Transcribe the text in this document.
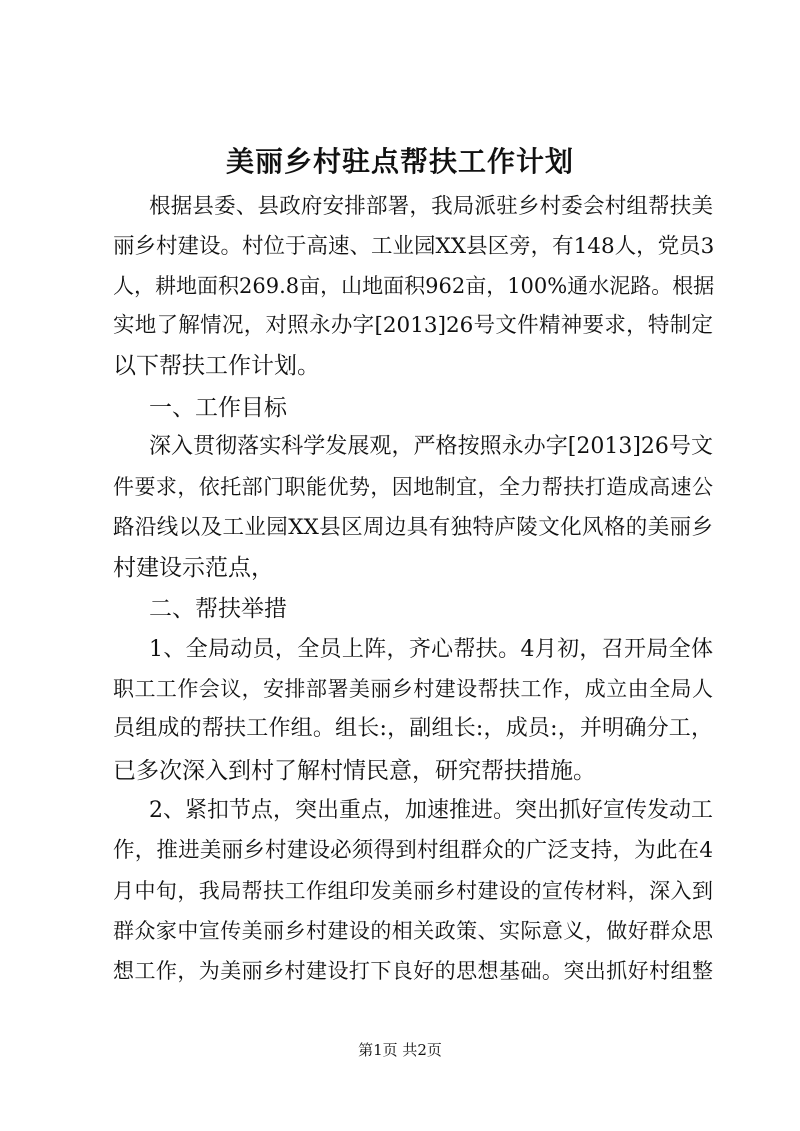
美丽乡村驻点帮扶工作计划

根据县委、县政府安排部署，我局派驻乡村委会村组帮扶美

丽乡村建设。村位于高速、工业园XX县区旁，有148人，党员3

人，耕地面积269.8亩，山地面积962亩，100%通水泥路。根据

实地了解情况，对照永办字[2013]26号文件精神要求，特制定

以下帮扶工作计划。

一、工作目标

深入贯彻落实科学发展观，严格按照永办字[2013]26号文

件要求，依托部门职能优势，因地制宜，全力帮扶打造成高速公

路沿线以及工业园XX县区周边具有独特庐陵文化风格的美丽乡

村建设示范点，

二、帮扶举措

1、全局动员，全员上阵，齐心帮扶。4月初，召开局全体

职工工作会议，安排部署美丽乡村建设帮扶工作，成立由全局人

员组成的帮扶工作组。组长:，副组长:，成员:，并明确分工，

已多次深入到村了解村情民意，研究帮扶措施。

2、紧扣节点，突出重点，加速推进。突出抓好宣传发动工

作，推进美丽乡村建设必须得到村组群众的广泛支持，为此在4

月中旬，我局帮扶工作组印发美丽乡村建设的宣传材料，深入到

群众家中宣传美丽乡村建设的相关政策、实际意义，做好群众思

想工作，为美丽乡村建设打下良好的思想基础。突出抓好村组整

第1页 共2页
